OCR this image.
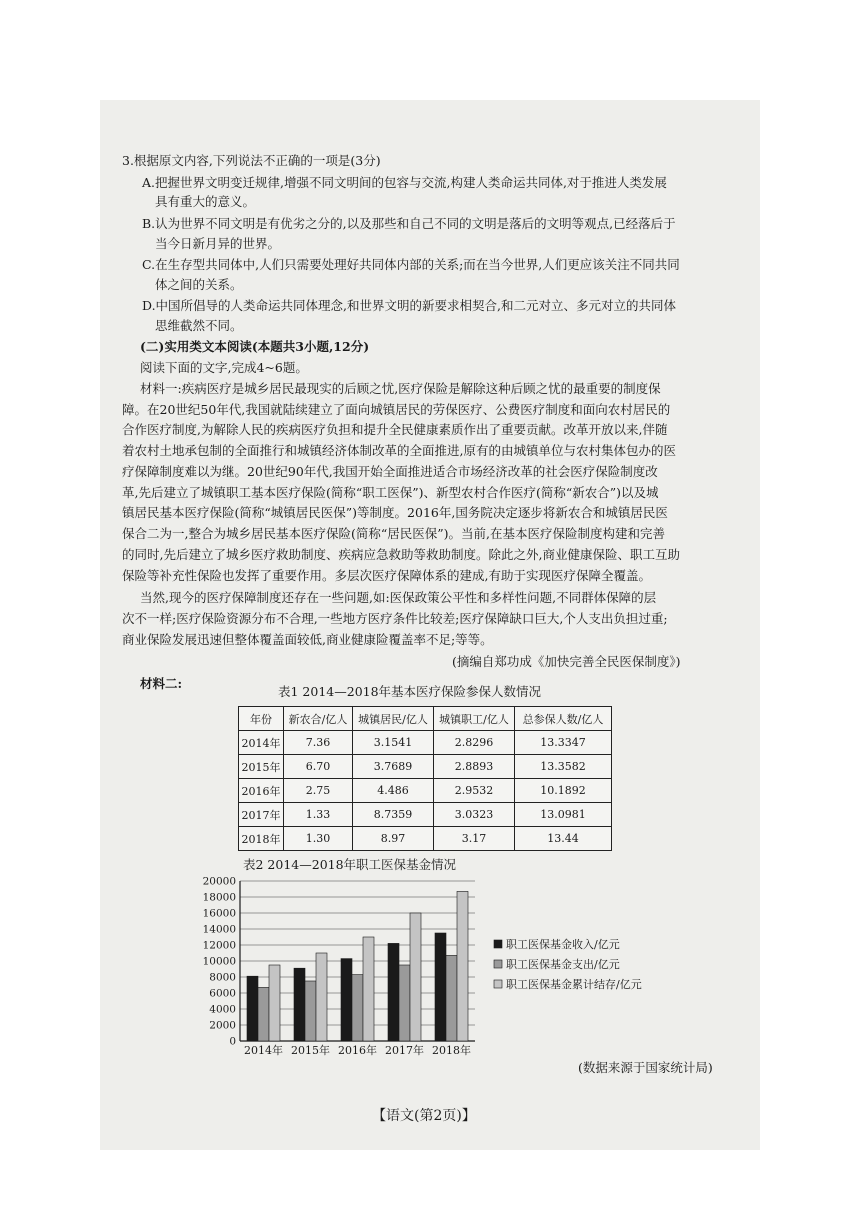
3.根据原文内容,下列说法不正确的一项是(3分)
A.把握世界文明变迁规律,增强不同文明间的包容与交流,构建人类命运共同体,对于推进人类发展
具有重大的意义。
B.认为世界不同文明是有优劣之分的,以及那些和自己不同的文明是落后的文明等观点,已经落后于
当今日新月异的世界。
C.在生存型共同体中,人们只需要处理好共同体内部的关系;而在当今世界,人们更应该关注不同共同
体之间的关系。
D.中国所倡导的人类命运共同体理念,和世界文明的新要求相契合,和二元对立、多元对立的共同体
思维截然不同。
(二)实用类文本阅读(本题共3小题,12分)
阅读下面的文字,完成4~6题。
材料一:疾病医疗是城乡居民最现实的后顾之忧,医疗保险是解除这种后顾之忧的最重要的制度保
障。在20世纪50年代,我国就陆续建立了面向城镇居民的劳保医疗、公费医疗制度和面向农村居民的
合作医疗制度,为解除人民的疾病医疗负担和提升全民健康素质作出了重要贡献。改革开放以来,伴随
着农村土地承包制的全面推行和城镇经济体制改革的全面推进,原有的由城镇单位与农村集体包办的医
疗保障制度难以为继。20世纪90年代,我国开始全面推进适合市场经济改革的社会医疗保险制度改
革,先后建立了城镇职工基本医疗保险(简称“职工医保”)、新型农村合作医疗(简称“新农合”)以及城
镇居民基本医疗保险(简称“城镇居民医保”)等制度。2016年,国务院决定逐步将新农合和城镇居民医
保合二为一,整合为城乡居民基本医疗保险(简称“居民医保”)。当前,在基本医疗保险制度构建和完善
的同时,先后建立了城乡医疗救助制度、疾病应急救助等救助制度。除此之外,商业健康保险、职工互助
保险等补充性保险也发挥了重要作用。多层次医疗保障体系的建成,有助于实现医疗保障全覆盖。
当然,现今的医疗保障制度还存在一些问题,如:医保政策公平性和多样性问题,不同群体保障的层
次不一样;医疗保险资源分布不合理,一些地方医疗条件比较差;医疗保障缺口巨大,个人支出负担过重;
商业保险发展迅速但整体覆盖面较低,商业健康险覆盖率不足;等等。
(摘编自郑功成《加快完善全民医保制度》)
材料二:
表1 2014—2018年基本医疗保险参保人数情况
年份	新农合/亿人	城镇居民/亿人	城镇职工/亿人	总参保人数/亿人
2014年	7.36	3.1541	2.8296	13.3347
2015年	6.70	3.7689	2.8893	13.3582
2016年	2.75	4.486	2.9532	10.1892
2017年	1.33	8.7359	3.0323	13.0981
2018年	1.30	8.97	3.17	13.44
表2 2014—2018年职工医保基金情况
20000
18000
16000
14000
12000
10000
8000
6000
4000
2000
0
2014年 2015年 2016年 2017年 2018年
职工医保基金收入/亿元
职工医保基金支出/亿元
职工医保基金累计结存/亿元
(数据来源于国家统计局)
【语文(第2页)】
